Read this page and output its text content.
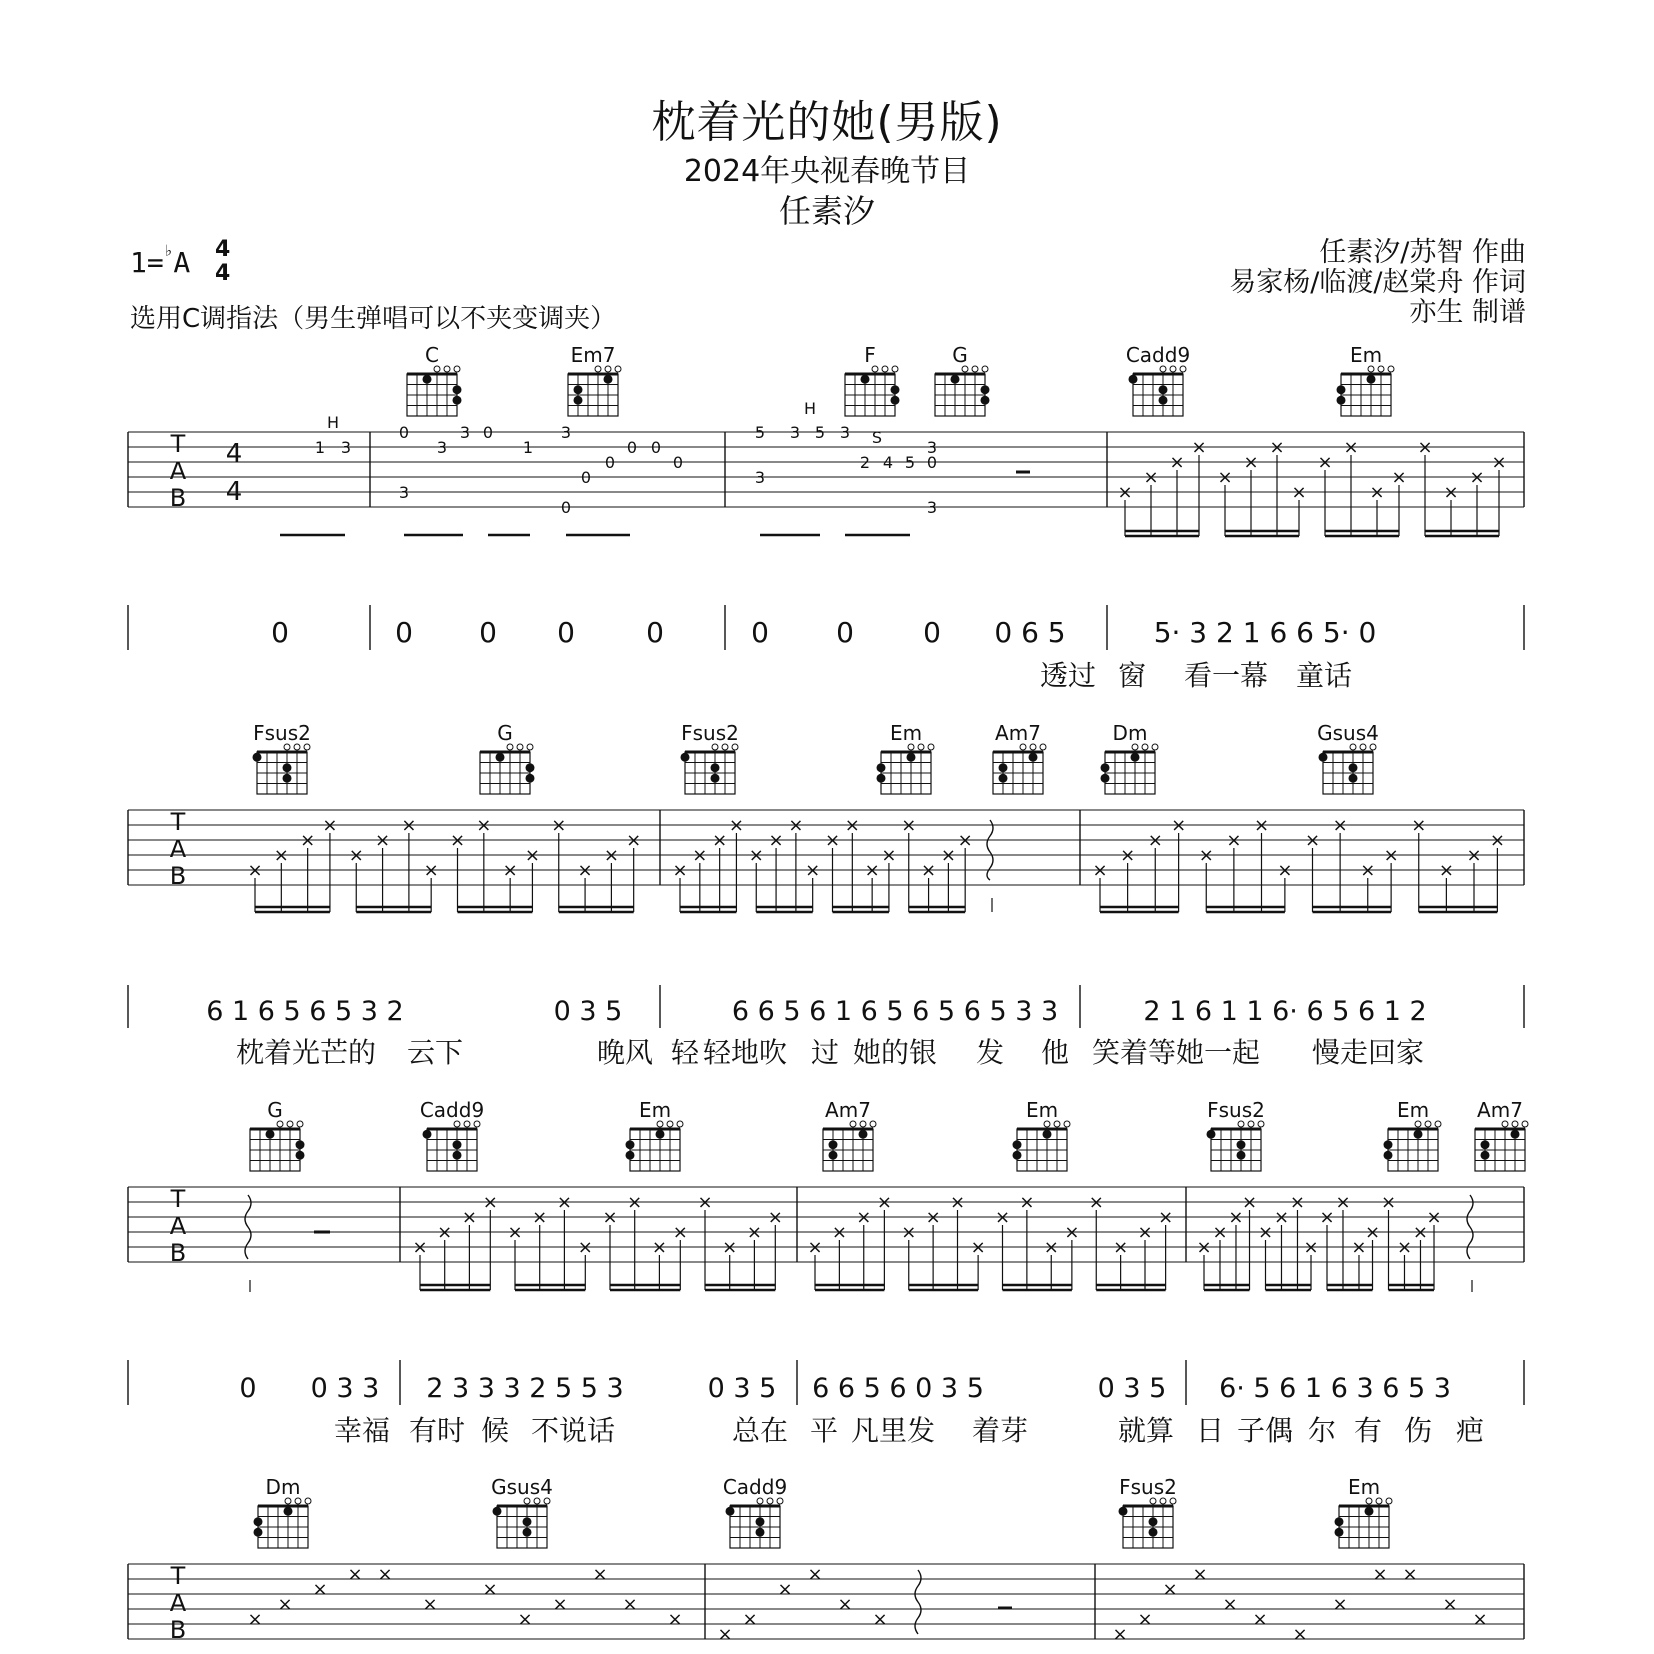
枕着光的她(男版)
2024年央视春晚节目
任素汐
1=♭A 4
4
选用C调指法（男生弹唱可以不夹变调夹）
任素汐/苏智 作曲
易家杨/临渡/赵棠舟 作词
亦生 制谱
C	Em7	F	G	Cadd9	Em
T
A
B
4
4
H
H
S
1 3
0
3
3 0
1
3
3
0
0
0 0
0
0
5 3 5 3
3
2 4 5 0
3
3
×
×
×
×
×
×
×
×
×
×
×
×
×
×
×
×
0	0 0 0	0	0 0 0 0 6 5	5· 3 2 1 6 6 5· 0
透过 窗 看一幕 童话
Fsus2	G	Fsus2	Em	Am7	Dm	Gsus4
T
A
B	×
×
×
×
×
×
×
×
×
×
×
×
×
×
×
×
×
×
×
×
×
×
×
×
×
×
×
×
×
×
×
×
×
×
×
×
×
×
×
×
×
×
×
×
×
×
×
×
6 1 6 5 6 5 3 2	0 3 5	6 6 5 6 1 6 5 6 5 6 5 3 3	2 1 6 1 1 6· 6 5 6 1 2
枕着光芒的 云下	晚风 轻 轻地吹 过 她的银 发 他 笑着等她一起 慢走回家
G	Cadd9	Em	Am7	Em	Fsus2	Em Am7
T
A
B	×
×
×
×
×
×
×
×
×
×
×
×
×
×
×
×
×
×
×
×
×
×
×
×
×
×
×
×
×
×
×
×
×
×
×
×
×
×
×
×
×
×
×
×
×
×
×
×
0 0 3 3 2 3 3 3 2 5 5 3	0 3 5 6 6 5 6 0 3 5	0 3 5 6· 5 6 1 6 3 6 5 3
幸福 有时 候 不说话	总在 平 凡里发 着芽	就算 日 子偶 尔 有 伤 疤
Dm	Gsus4	Cadd9	Fsus2	Em
T
A
B	×
×
×
× ×
×
×
×
×
×
×
×
×
×
×
×
×
×
×
×
×
×
×
×
×
×
× ×
×
×
